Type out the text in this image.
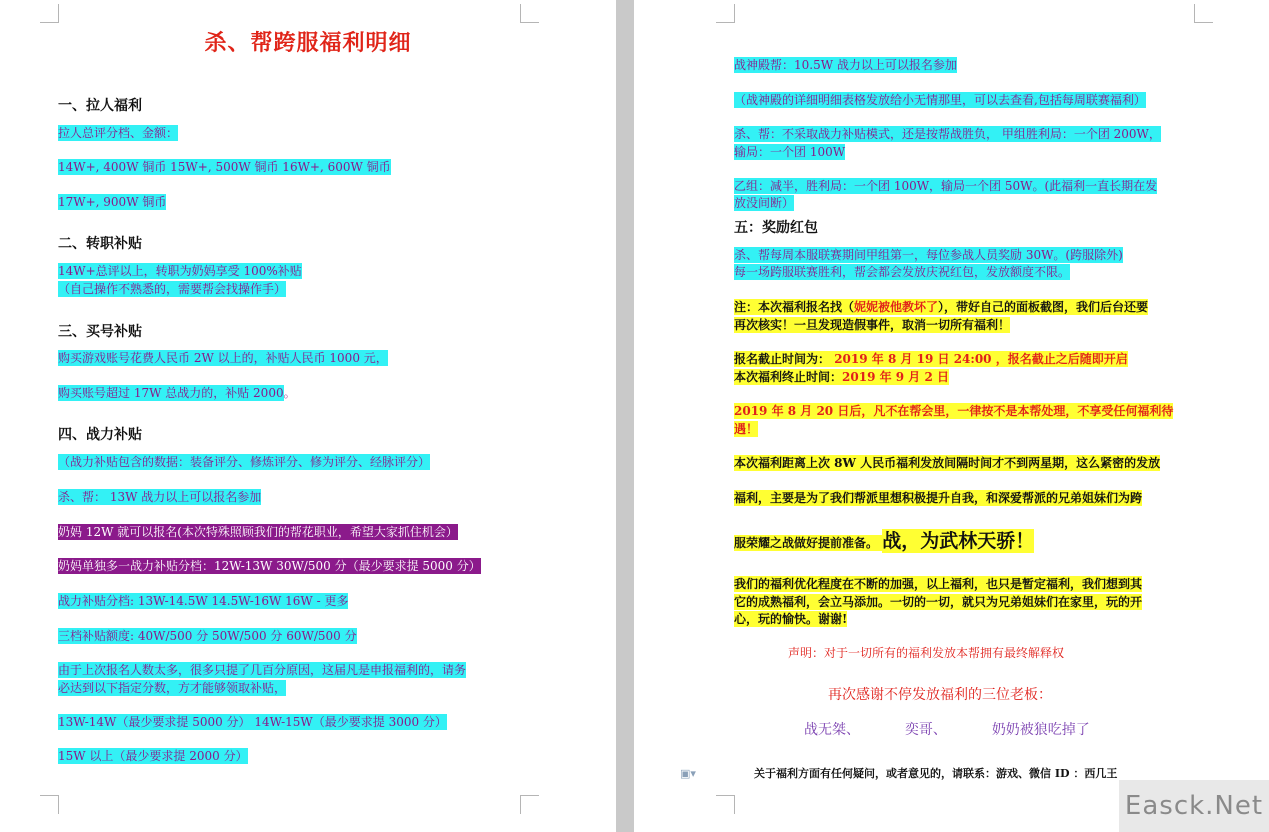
杀、帮跨服福利明细
一、拉人福利
拉人总评分档、金额：
14W+, 400W 铜币 15W+, 500W 铜币 16W+, 600W 铜币
17W+, 900W 铜币
二、转职补贴
14W+总评以上，转职为奶妈享受 100%补贴
（自己操作不熟悉的，需要帮会找操作手）
三、买号补贴
购买游戏账号花费人民币 2W 以上的，补贴人民币 1000 元，
购买账号超过 17W 总战力的，补贴 2000。
四、战力补贴
（战力补贴包含的数据：装备评分、修炼评分、修为评分、经脉评分）
杀、帮： 13W 战力以上可以报名参加
奶妈 12W 就可以报名(本次特殊照顾我们的帮花职业，希望大家抓住机会）
奶妈单独多一战力补贴分档：12W-13W 30W/500 分（最少要求提 5000 分）
战力补贴分档: 13W-14.5W 14.5W-16W 16W - 更多
三档补贴额度: 40W/500 分 50W/500 分 60W/500 分
由于上次报名人数太多，很多只提了几百分原因，这届凡是申报福利的，请务
必达到以下指定分数，方才能够领取补贴，
13W-14W（最少要求提 5000 分） 14W-15W（最少要求提 3000 分）
15W 以上（最少要求提 2000 分）
战神殿帮：10.5W 战力以上可以报名参加
（战神殿的详细明细表格发放给小无情那里，可以去查看,包括每周联赛福利）
杀、帮：不采取战力补贴模式，还是按帮战胜负， 甲组胜利局：一个团 200W，
输局：一个团 100W
乙组：减半，胜利局：一个团 100W，输局一个团 50W。(此福利一直长期在发
放没间断）
五：奖励红包
杀、帮每周本服联赛期间甲组第一，每位参战人员奖励 30W。(跨服除外)
每一场跨服联赛胜利，帮会都会发放庆祝红包，发放额度不限。
注：本次福利报名找（妮妮被他教坏了），带好自己的面板截图，我们后台还要
再次核实！一旦发现造假事件，取消一切所有福利！
报名截止时间为： 2019 年 8 月 19 日 24:00 ，报名截止之后随即开启
本次福利终止时间：2019 年 9 月 2 日
2019 年 8 月 20 日后，凡不在帮会里，一律按不是本帮处理，不享受任何福利待
遇！
本次福利距离上次 8W 人民币福利发放间隔时间才不到两星期，这么紧密的发放
福利，主要是为了我们帮派里想积极提升自我，和深爱帮派的兄弟姐妹们为跨
服荣耀之战做好提前准备。 战，为武林天骄！
我们的福利优化程度在不断的加强，以上福利，也只是暂定福利，我们想到其
它的成熟福利，会立马添加。一切的一切，就只为兄弟姐妹们在家里，玩的开
心，玩的愉快。谢谢!
声明：对于一切所有的福利发放本帮拥有最终解释权
再次感谢不停发放福利的三位老板：
战无桀、	奕哥、	奶奶被狼吃掉了
关于福利方面有任何疑问，或者意见的，请联系：游戏、微信 ID ：西几王
▣▾
Easck.Net
